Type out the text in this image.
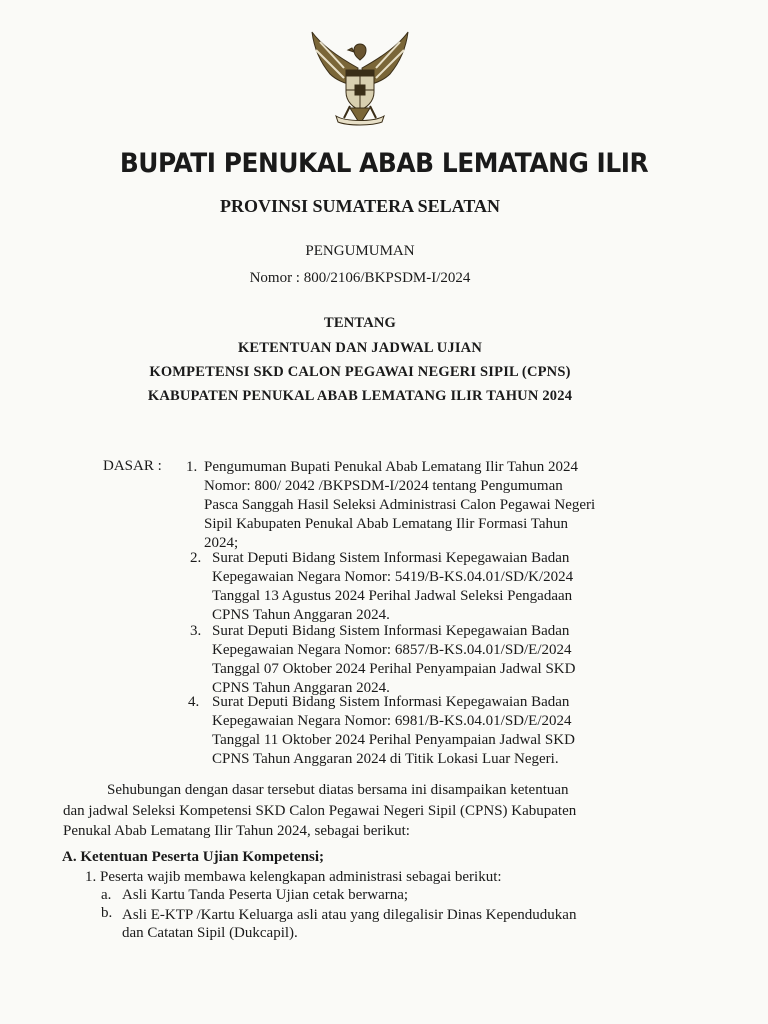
BUPATI PENUKAL ABAB LEMATANG ILIR
PROVINSI SUMATERA SELATAN
PENGUMUMAN
Nomor : 800/2106/BKPSDM-I/2024
TENTANG
KETENTUAN DAN JADWAL UJIAN
KOMPETENSI SKD CALON PEGAWAI NEGERI SIPIL (CPNS)
KABUPATEN PENUKAL ABAB LEMATANG ILIR TAHUN 2024
DASAR : 1. Pengumuman Bupati Penukal Abab Lematang Ilir Tahun 2024
Nomor: 800/ 2042 /BKPSDM-I/2024 tentang Pengumuman
Pasca Sanggah Hasil Seleksi Administrasi Calon Pegawai Negeri
Sipil Kabupaten Penukal Abab Lematang Ilir Formasi Tahun
2024;
2. Surat Deputi Bidang Sistem Informasi Kepegawaian Badan
Kepegawaian Negara Nomor: 5419/B-KS.04.01/SD/K/2024
Tanggal 13 Agustus 2024 Perihal Jadwal Seleksi Pengadaan
CPNS Tahun Anggaran 2024.
3. Surat Deputi Bidang Sistem Informasi Kepegawaian Badan
Kepegawaian Negara Nomor: 6857/B-KS.04.01/SD/E/2024
Tanggal 07 Oktober 2024 Perihal Penyampaian Jadwal SKD
CPNS Tahun Anggaran 2024.
4. Surat Deputi Bidang Sistem Informasi Kepegawaian Badan
Kepegawaian Negara Nomor: 6981/B-KS.04.01/SD/E/2024
Tanggal 11 Oktober 2024 Perihal Penyampaian Jadwal SKD
CPNS Tahun Anggaran 2024 di Titik Lokasi Luar Negeri.
Sehubungan dengan dasar tersebut diatas bersama ini disampaikan ketentuan
dan jadwal Seleksi Kompetensi SKD Calon Pegawai Negeri Sipil (CPNS) Kabupaten
Penukal Abab Lematang Ilir Tahun 2024, sebagai berikut:
A. Ketentuan Peserta Ujian Kompetensi;
1. Peserta wajib membawa kelengkapan administrasi sebagai berikut:
a. Asli Kartu Tanda Peserta Ujian cetak berwarna;
b. Asli E-KTP /Kartu Keluarga asli atau yang dilegalisir Dinas Kependudukan
dan Catatan Sipil (Dukcapil).
